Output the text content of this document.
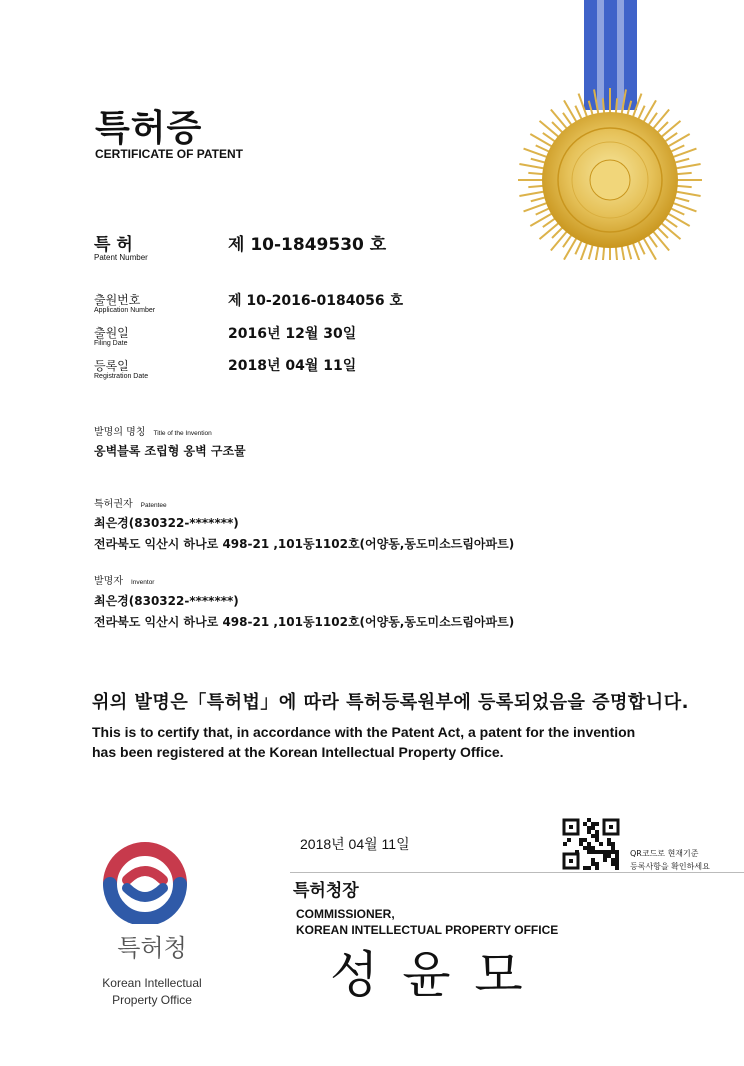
특허증
CERTIFICATE OF PATENT
특 허
Patent Number
제 10-1849530 호
출원번호
Application Number
제 10-2016-0184056 호
출원일
Filing Date
2016년 12월 30일
등록일
Registration Date
2018년 04월 11일
발명의 명칭 Title of the Invention
옹벽블록 조립형 옹벽 구조물
특허권자 Patentee
최은경(830322-*******)
전라북도 익산시 하나로 498-21 ,101동1102호(어양동,동도미소드림아파트)
발명자 Inventor
최은경(830322-*******)
전라북도 익산시 하나로 498-21 ,101동1102호(어양동,동도미소드림아파트)
위의 발명은「특허법」에 따라 특허등록원부에 등록되었음을 증명합니다.
This is to certify that, in accordance with the Patent Act, a patent for the invention
has been registered at the Korean Intellectual Property Office.
2018년 04월 11일
QR코드로 현재기준
등록사항을 확인하세요
특허청장
COMMISSIONER,
KOREAN INTELLECTUAL PROPERTY OFFICE
성 윤 모
특허청
Korean Intellectual
Property Office
